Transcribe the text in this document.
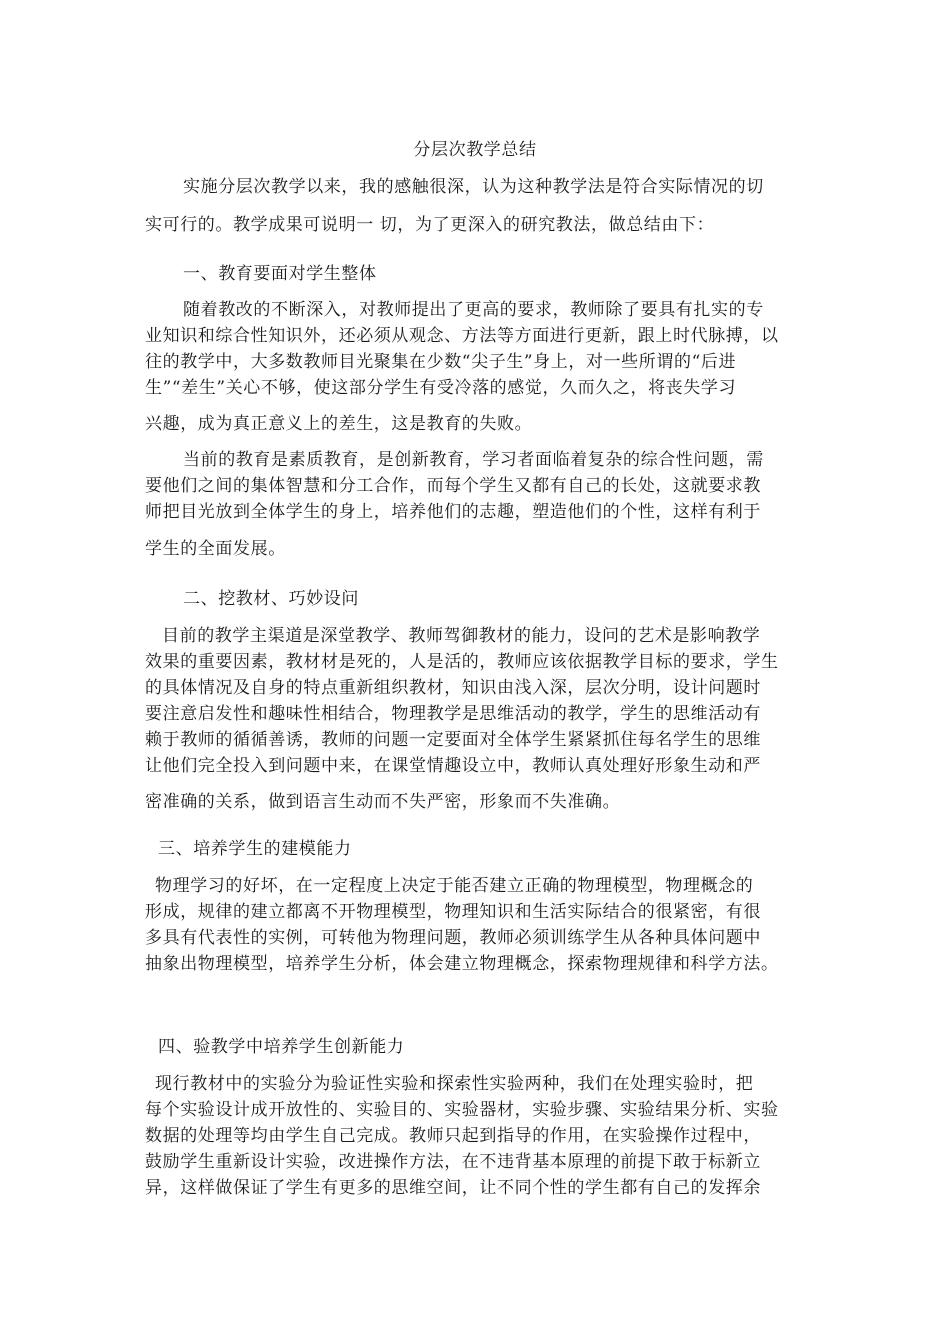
分层次教学总结
实施分层次教学以来，我的感触很深，认为这种教学法是符合实际情况的切
实可行的。教学成果可说明一 切，为了更深入的研究教法，做总结由下：
一、教育要面对学生整体
随着教改的不断深入，对教师提出了更高的要求，教师除了要具有扎实的专
业知识和综合性知识外，还必须从观念、方法等方面进行更新，跟上时代脉搏，以
往的教学中，大多数教师目光聚集在少数“尖子生”身上，对一些所谓的“后进
生”“差生”关心不够，使这部分学生有受冷落的感觉，久而久之，将丧失学习
兴趣，成为真正意义上的差生，这是教育的失败。
当前的教育是素质教育，是创新教育，学习者面临着复杂的综合性问题，需
要他们之间的集体智慧和分工合作，而每个学生又都有自己的长处，这就要求教
师把目光放到全体学生的身上，培养他们的志趣，塑造他们的个性，这样有利于
学生的全面发展。
二、挖教材、巧妙设问
目前的教学主渠道是深堂教学、教师驾御教材的能力，设问的艺术是影响教学
效果的重要因素，教材材是死的，人是活的，教师应该依据教学目标的要求，学生
的具体情况及自身的特点重新组织教材，知识由浅入深，层次分明，设计问题时
要注意启发性和趣味性相结合，物理教学是思维活动的教学，学生的思维活动有
赖于教师的循循善诱，教师的问题一定要面对全体学生紧紧抓住每名学生的思维
让他们完全投入到问题中来，在课堂情趣设立中，教师认真处理好形象生动和严
密准确的关系，做到语言生动而不失严密，形象而不失准确。
三、培养学生的建模能力
物理学习的好坏，在一定程度上决定于能否建立正确的物理模型，物理概念的
形成，规律的建立都离不开物理模型，物理知识和生活实际结合的很紧密，有很
多具有代表性的实例，可转他为物理问题，教师必须训练学生从各种具体问题中
抽象出物理模型，培养学生分析，体会建立物理概念，探索物理规律和科学方法。
四、验教学中培养学生创新能力
现行教材中的实验分为验证性实验和探索性实验两种，我们在处理实验时，把
每个实验设计成开放性的、实验目的、实验器材，实验步骤、实验结果分析、实验
数据的处理等均由学生自己完成。教师只起到指导的作用，在实验操作过程中，
鼓励学生重新设计实验，改进操作方法，在不违背基本原理的前提下敢于标新立
异，这样做保证了学生有更多的思维空间，让不同个性的学生都有自己的发挥余
